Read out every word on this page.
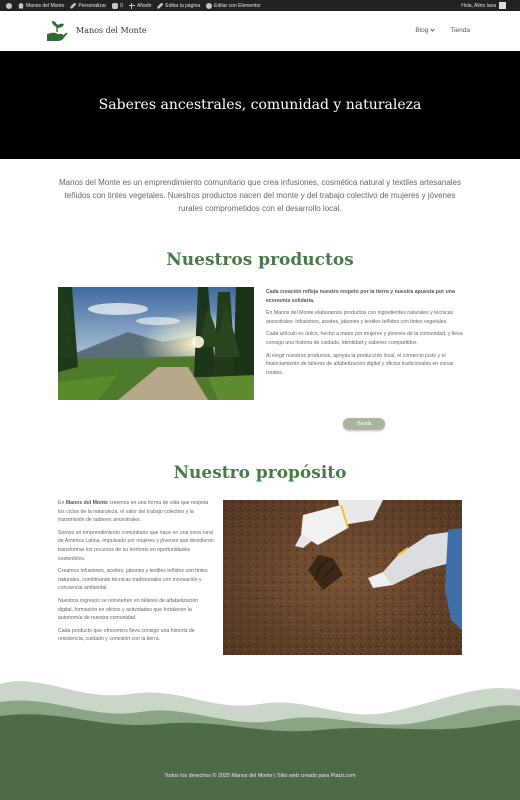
Manos del Monte	Personalizar	0	Añadir	Editar la página	Editar con Elementor	Hola, Alirio Isea
Manos del Monte	Blog	Tienda
Saberes ancestrales, comunidad y naturaleza

Manos del Monte es un emprendimiento comunitario que crea infusiones, cosmética natural y textiles artesanales teñidos con tintes vegetales. Nuestros productos nacen del monte y del trabajo colectivo de mujeres y jóvenes rurales comprometidos con el desarrollo local.

Nuestros productos

Cada creación refleja nuestro respeto por la tierra y nuestra apuesta por una economía solidaria.

En Manos del Monte elaboramos productos con ingredientes naturales y técnicas ancestrales: infusiones, aceites, jabones y textiles teñidos con tintes vegetales.

Cada artículo es único, hecho a mano por mujeres y jóvenes de la comunidad, y lleva consigo una historia de cuidado, identidad y saberes compartidos.

Al elegir nuestros productos, apoyás la producción local, el comercio justo y el financiamiento de talleres de alfabetización digital y oficios tradicionales en zonas rurales.

Tienda
Nuestro propósito

En Manos del Monte creemos en una forma de vida que respeta los ciclos de la naturaleza, el valor del trabajo colectivo y la transmisión de saberes ancestrales.

Somos un emprendimiento comunitario que nace en una zona rural de América Latina, impulsado por mujeres y jóvenes que decidieron transformar los recursos de su territorio en oportunidades sostenibles.

Creamos infusiones, aceites, jabones y textiles teñidos con tintes naturales, combinando técnicas tradicionales con innovación y conciencia ambiental.

Nuestros ingresos se reinvierten en talleres de alfabetización digital, formación en oficios y actividades que fortalecen la autonomía de nuestra comunidad.

Cada producto que ofrecemos lleva consigo una historia de resistencia, cuidado y conexión con la tierra.

Todos los derechos © 2025 Manos del Monte | Sitio web creado para Platzi.com
